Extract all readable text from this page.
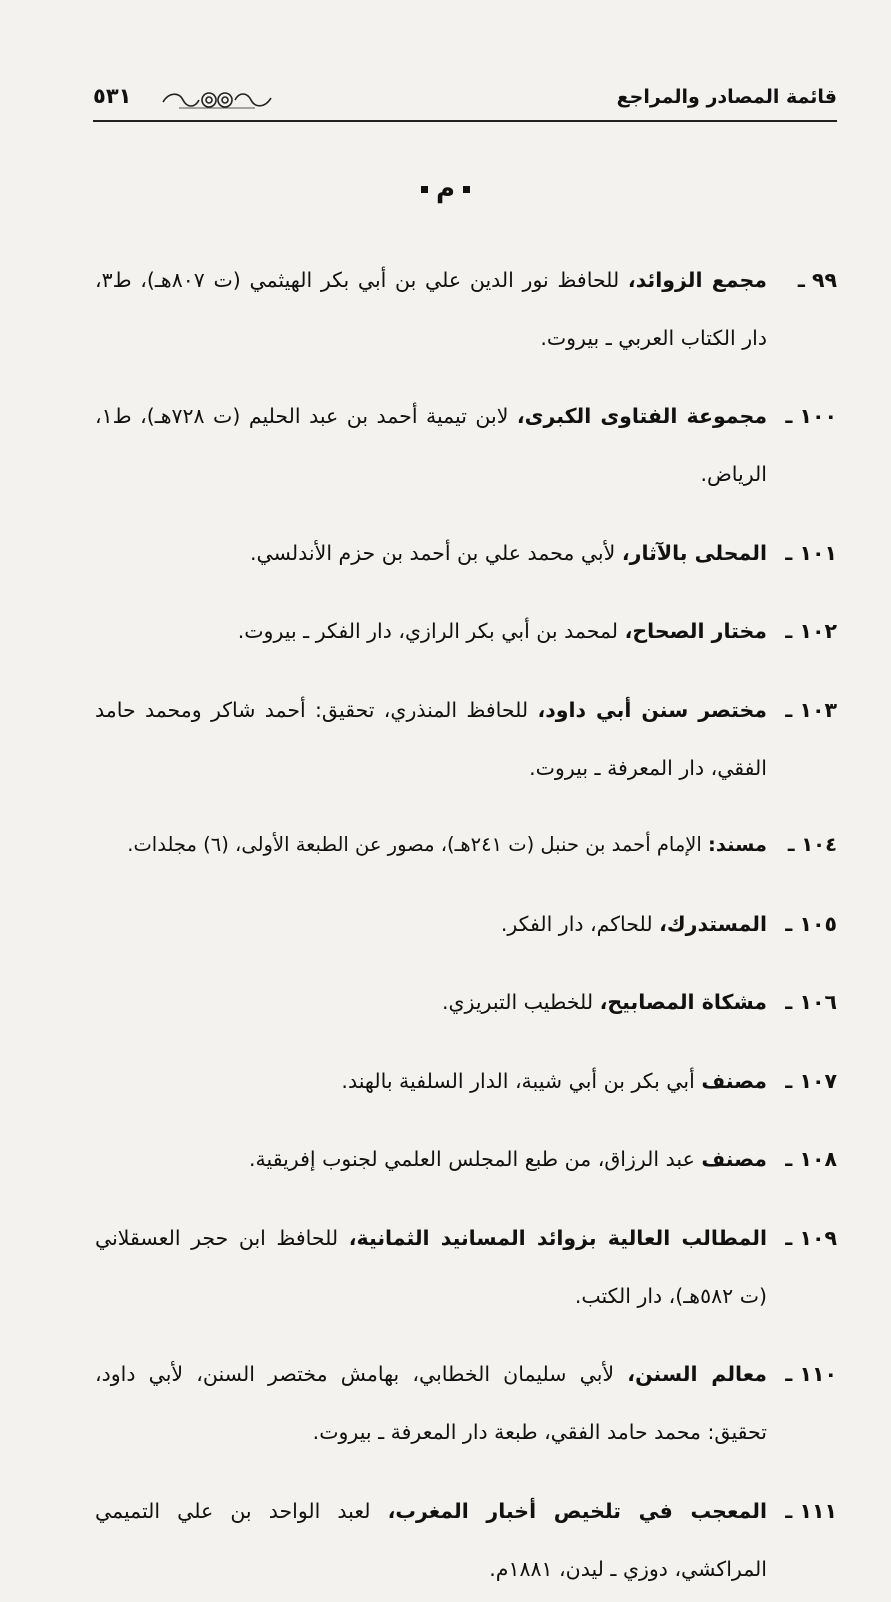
قائمة المصادر والمراجع
٥٣١
م

٩٩ ـمجمع الزوائد، للحافظ نور الدين علي بن أبي بكر الهيثمي (ت ٨٠٧هـ)، ط٣، دار الكتاب العربي ـ بيروت.

١٠٠ ـمجموعة الفتاوى الكبرى، لابن تيمية أحمد بن عبد الحليم (ت ٧٢٨هـ)، ط١، الرياض.

١٠١ ـالمحلى بالآثار، لأبي محمد علي بن أحمد بن حزم الأندلسي.

١٠٢ ـمختار الصحاح، لمحمد بن أبي بكر الرازي، دار الفكر ـ بيروت.

١٠٣ ـمختصر سنن أبي داود، للحافظ المنذري، تحقيق: أحمد شاكر ومحمد حامد الفقي، دار المعرفة ـ بيروت.

١٠٤ ـمسند: الإمام أحمد بن حنبل (ت ٢٤١هـ)، مصور عن الطبعة الأولى، (٦) مجلدات.

١٠٥ ـالمستدرك، للحاكم، دار الفكر.

١٠٦ ـمشكاة المصابيح، للخطيب التبريزي.

١٠٧ ـمصنف أبي بكر بن أبي شيبة، الدار السلفية بالهند.

١٠٨ ـمصنف عبد الرزاق، من طبع المجلس العلمي لجنوب إفريقية.

١٠٩ ـالمطالب العالية بزوائد المسانيد الثمانية، للحافظ ابن حجر العسقلاني (ت ٥٨٢هـ)، دار الكتب.

١١٠ ـمعالم السنن، لأبي سليمان الخطابي، بهامش مختصر السنن، لأبي داود، تحقيق: محمد حامد الفقي، طبعة دار المعرفة ـ بيروت.

١١١ ـالمعجب في تلخيص أخبار المغرب، لعبد الواحد بن علي التميمي المراكشي، دوزي ـ ليدن، ١٨٨١م.
